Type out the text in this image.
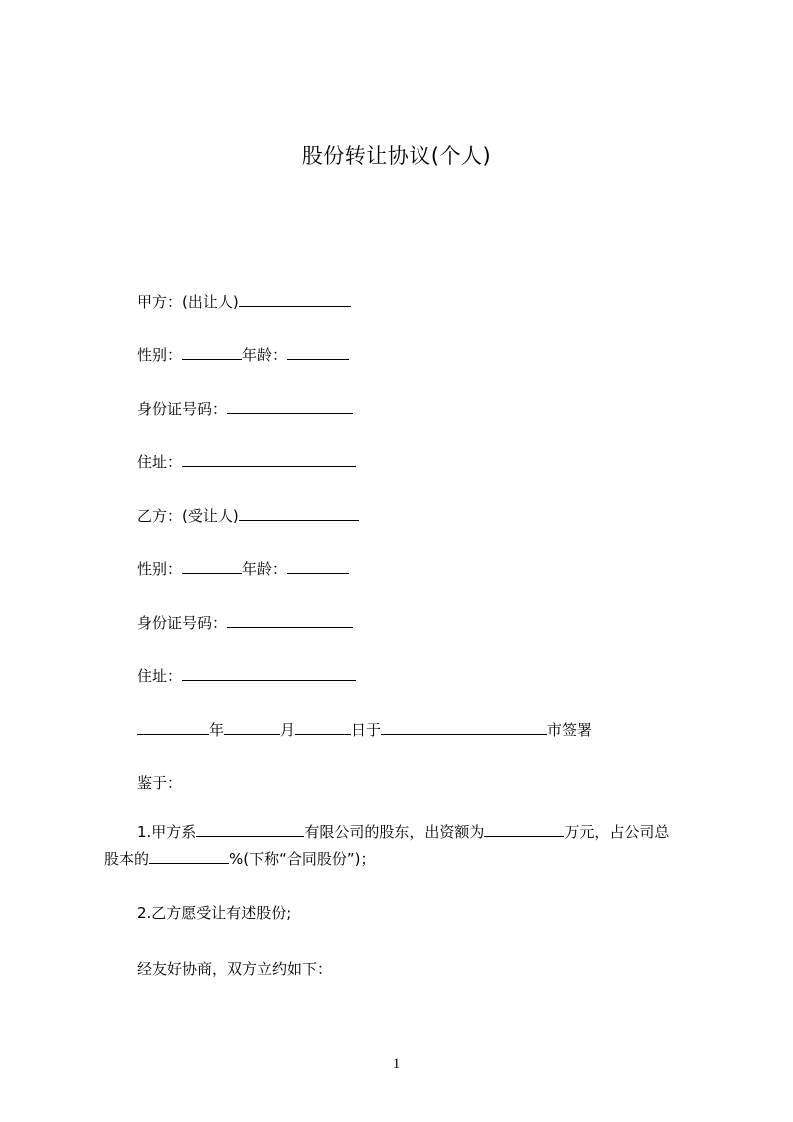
股份转让协议(个人)
甲方：(出让人)
性别：	年龄：
身份证号码：
住址：
乙方：(受让人)
性别：	年龄：
身份证号码：
住址：
年	月	日于	市签署
鉴于：
1.甲方系	有限公司的股东，出资额为	万元，占公司总
股本的	%(下称“合同股份”)；
2.乙方愿受让有述股份;
经友好协商，双方立约如下：
1
